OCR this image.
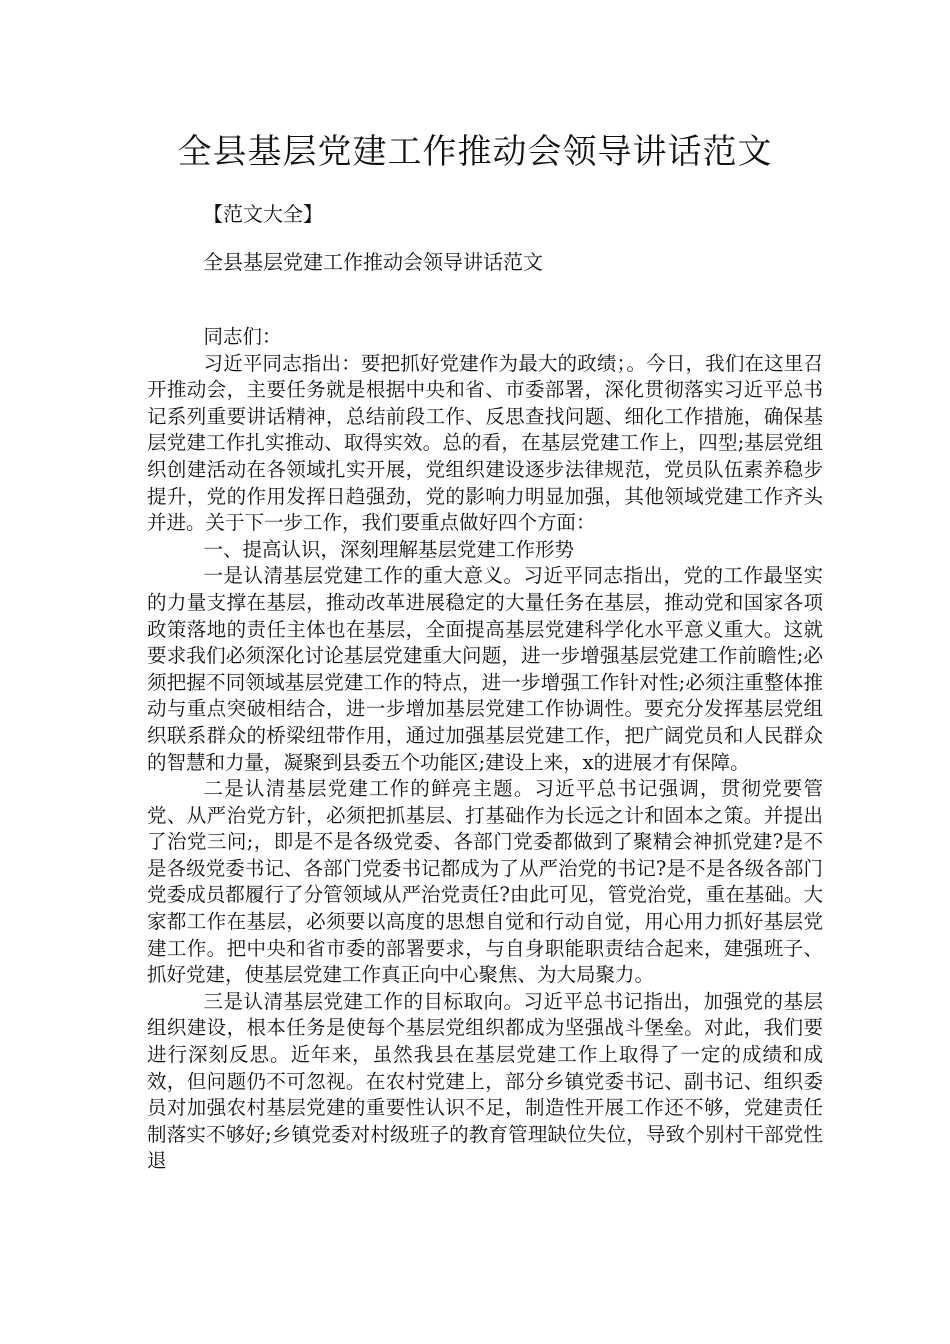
全县基层党建工作推动会领导讲话范文

【范文大全】

全县基层党建工作推动会领导讲话范文

同志们：

习近平同志指出：要把抓好党建作为最大的政绩；。今日，我们在这里召开推动会，主要任务就是根据中央和省、市委部署，深化贯彻落实习近平总书记系列重要讲话精神，总结前段工作、反思查找问题、细化工作措施，确保基层党建工作扎实推动、取得实效。总的看，在基层党建工作上，四型;基层党组织创建活动在各领域扎实开展，党组织建设逐步法律规范，党员队伍素养稳步提升，党的作用发挥日趋强劲，党的影响力明显加强，其他领域党建工作齐头并进。关于下一步工作，我们要重点做好四个方面：

一、提高认识，深刻理解基层党建工作形势

一是认清基层党建工作的重大意义。习近平同志指出，党的工作最坚实的力量支撑在基层，推动改革进展稳定的大量任务在基层，推动党和国家各项政策落地的责任主体也在基层，全面提高基层党建科学化水平意义重大。这就要求我们必须深化讨论基层党建重大问题，进一步增强基层党建工作前瞻性;必须把握不同领域基层党建工作的特点，进一步增强工作针对性;必须注重整体推动与重点突破相结合，进一步增加基层党建工作协调性。要充分发挥基层党组织联系群众的桥梁纽带作用，通过加强基层党建工作，把广阔党员和人民群众的智慧和力量，凝聚到县委五个功能区;建设上来，x的进展才有保障。

二是认清基层党建工作的鲜亮主题。习近平总书记强调，贯彻党要管党、从严治党方针，必须把抓基层、打基础作为长远之计和固本之策。并提出了治党三问;，即是不是各级党委、各部门党委都做到了聚精会神抓党建?是不是各级党委书记、各部门党委书记都成为了从严治党的书记?是不是各级各部门党委成员都履行了分管领域从严治党责任?由此可见，管党治党，重在基础。大家都工作在基层，必须要以高度的思想自觉和行动自觉，用心用力抓好基层党建工作。把中央和省市委的部署要求，与自身职能职责结合起来，建强班子、抓好党建，使基层党建工作真正向中心聚焦、为大局聚力。

三是认清基层党建工作的目标取向。习近平总书记指出，加强党的基层组织建设，根本任务是使每个基层党组织都成为坚强战斗堡垒。对此，我们要进行深刻反思。近年来，虽然我县在基层党建工作上取得了一定的成绩和成效，但问题仍不可忽视。在农村党建上，部分乡镇党委书记、副书记、组织委员对加强农村基层党建的重要性认识不足，制造性开展工作还不够，党建责任制落实不够好;乡镇党委对村级班子的教育管理缺位失位，导致个别村干部党性退
